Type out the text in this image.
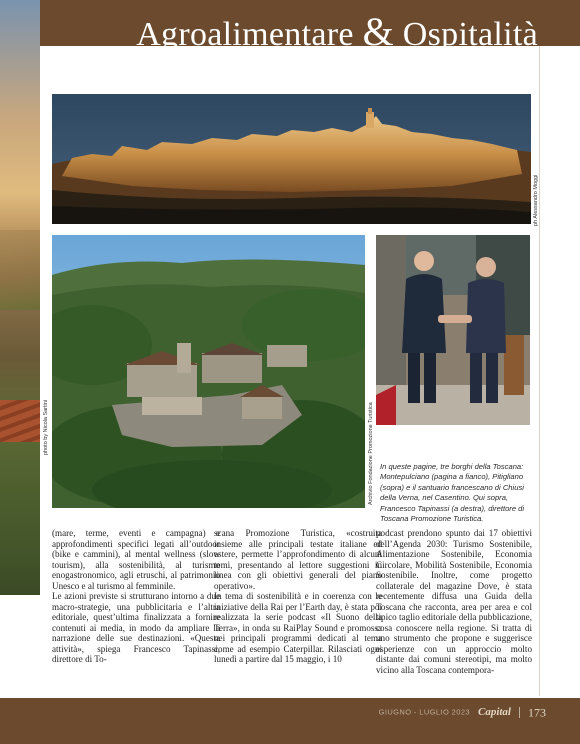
Agroalimentare & Ospitalità
ph Alessandro Moggi
photo by Nicola Sartini	Archivio Fondazione Promozione Turistica In queste pagine, tre borghi della Toscana: Montepulciano (pagina a fianco), Pitigliano (sopra) e il santuario francescano di Chiusi della Verna, nel Casentino. Qui sopra, Francesco Tapinassi (a destra), direttore di Toscana Promozione Turistica.

(mare, terme, eventi e campagna) e approfondimenti specifici legati all’outdoor (bike e cammini), al mental wellness (slow tourism), alla sostenibilità, al turismo enogastronomico, agli etruschi, al patrimonio Unesco e al turismo al femminile.

Le azioni previste si strutturano intorno a due macro-strategie, una pubblicitaria e l’altra editoriale, quest’ultima finalizzata a fornire contenuti ai media, in modo da ampliare la narrazione delle sue destinazioni. «Questa attività», spiega Francesco Tapinassi, direttore di To-

scana Promozione Turistica, «costruita insieme alle principali testate italiane ed estere, permette l’approfondimento di alcuni temi, presentando al lettore suggestioni in linea con gli obiettivi generali del piano operativo».

In tema di sostenibilità e in coerenza con le iniziative della Rai per l’Earth day, è stata poi realizzata la serie podcast «Il Suono della Terra», in onda su RaiPlay Sound e promossa nei principali programmi dedicati al tema come ad esempio Caterpillar. Rilasciati ogni lunedì a partire dal 15 maggio, i 10

podcast prendono spunto dai 17 obiettivi dell’Agenda 2030: Turismo Sostenibile, Alimentazione Sostenibile, Economia Circolare, Mobilità Sostenibile, Economia Sostenibile. Inoltre, come progetto collaterale del magazine Dove, è stata recentemente diffusa una Guida della Toscana che racconta, area per area e col tipico taglio editoriale della pubblicazione, cosa conoscere nella regione. Si tratta di uno strumento che propone e suggerisce esperienze con un approccio molto distante dai comuni stereotipi, ma molto vicino alla Toscana contempora-

GIUGNO - LUGLIO 2023 Capital 173
